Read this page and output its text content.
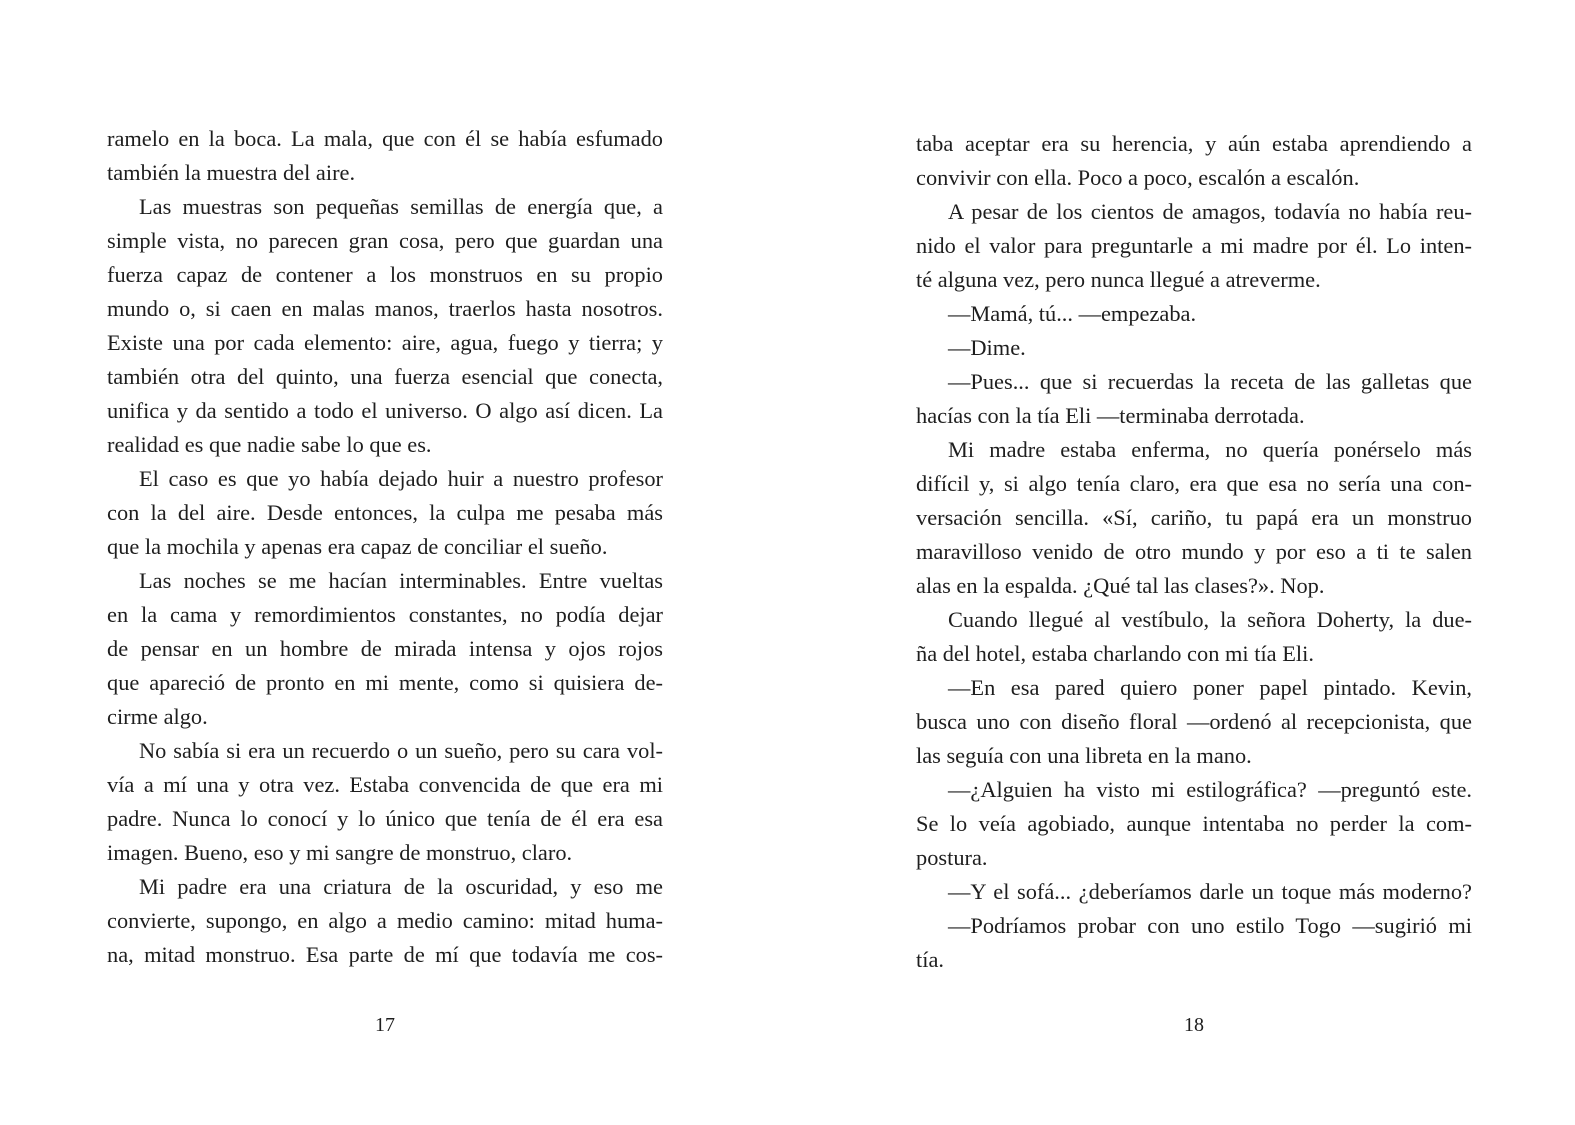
ramelo en la boca. La mala, que con él se había esfumado
también la muestra del aire.
Las muestras son pequeñas semillas de energía que, a
simple vista, no parecen gran cosa, pero que guardan una
fuerza capaz de contener a los monstruos en su propio
mundo o, si caen en malas manos, traerlos hasta nosotros.
Existe una por cada elemento: aire, agua, fuego y tierra; y
también otra del quinto, una fuerza esencial que conecta,
unifica y da sentido a todo el universo. O algo así dicen. La
realidad es que nadie sabe lo que es.
El caso es que yo había dejado huir a nuestro profesor
con la del aire. Desde entonces, la culpa me pesaba más
que la mochila y apenas era capaz de conciliar el sueño.
Las noches se me hacían interminables. Entre vueltas
en la cama y remordimientos constantes, no podía dejar
de pensar en un hombre de mirada intensa y ojos rojos
que apareció de pronto en mi mente, como si quisiera de-
cirme algo.
No sabía si era un recuerdo o un sueño, pero su cara vol-
vía a mí una y otra vez. Estaba convencida de que era mi
padre. Nunca lo conocí y lo único que tenía de él era esa
imagen. Bueno, eso y mi sangre de monstruo, claro.
Mi padre era una criatura de la oscuridad, y eso me
convierte, supongo, en algo a medio camino: mitad huma-
na, mitad monstruo. Esa parte de mí que todavía me cos-
17
taba aceptar era su herencia, y aún estaba aprendiendo a
convivir con ella. Poco a poco, escalón a escalón.
A pesar de los cientos de amagos, todavía no había reu-
nido el valor para preguntarle a mi madre por él. Lo inten-
té alguna vez, pero nunca llegué a atreverme.
—Mamá, tú... —empezaba.
—Dime.
—Pues... que si recuerdas la receta de las galletas que
hacías con la tía Eli —terminaba derrotada.
Mi madre estaba enferma, no quería ponérselo más
difícil y, si algo tenía claro, era que esa no sería una con-
versación sencilla. «Sí, cariño, tu papá era un monstruo
maravilloso venido de otro mundo y por eso a ti te salen
alas en la espalda. ¿Qué tal las clases?». Nop.
Cuando llegué al vestíbulo, la señora Doherty, la due-
ña del hotel, estaba charlando con mi tía Eli.
—En esa pared quiero poner papel pintado. Kevin,
busca uno con diseño floral —ordenó al recepcionista, que
las seguía con una libreta en la mano.
—¿Alguien ha visto mi estilográfica? —preguntó este.
Se lo veía agobiado, aunque intentaba no perder la com-
postura.
—Y el sofá... ¿deberíamos darle un toque más moderno?
—Podríamos probar con uno estilo Togo —sugirió mi
tía.
18
